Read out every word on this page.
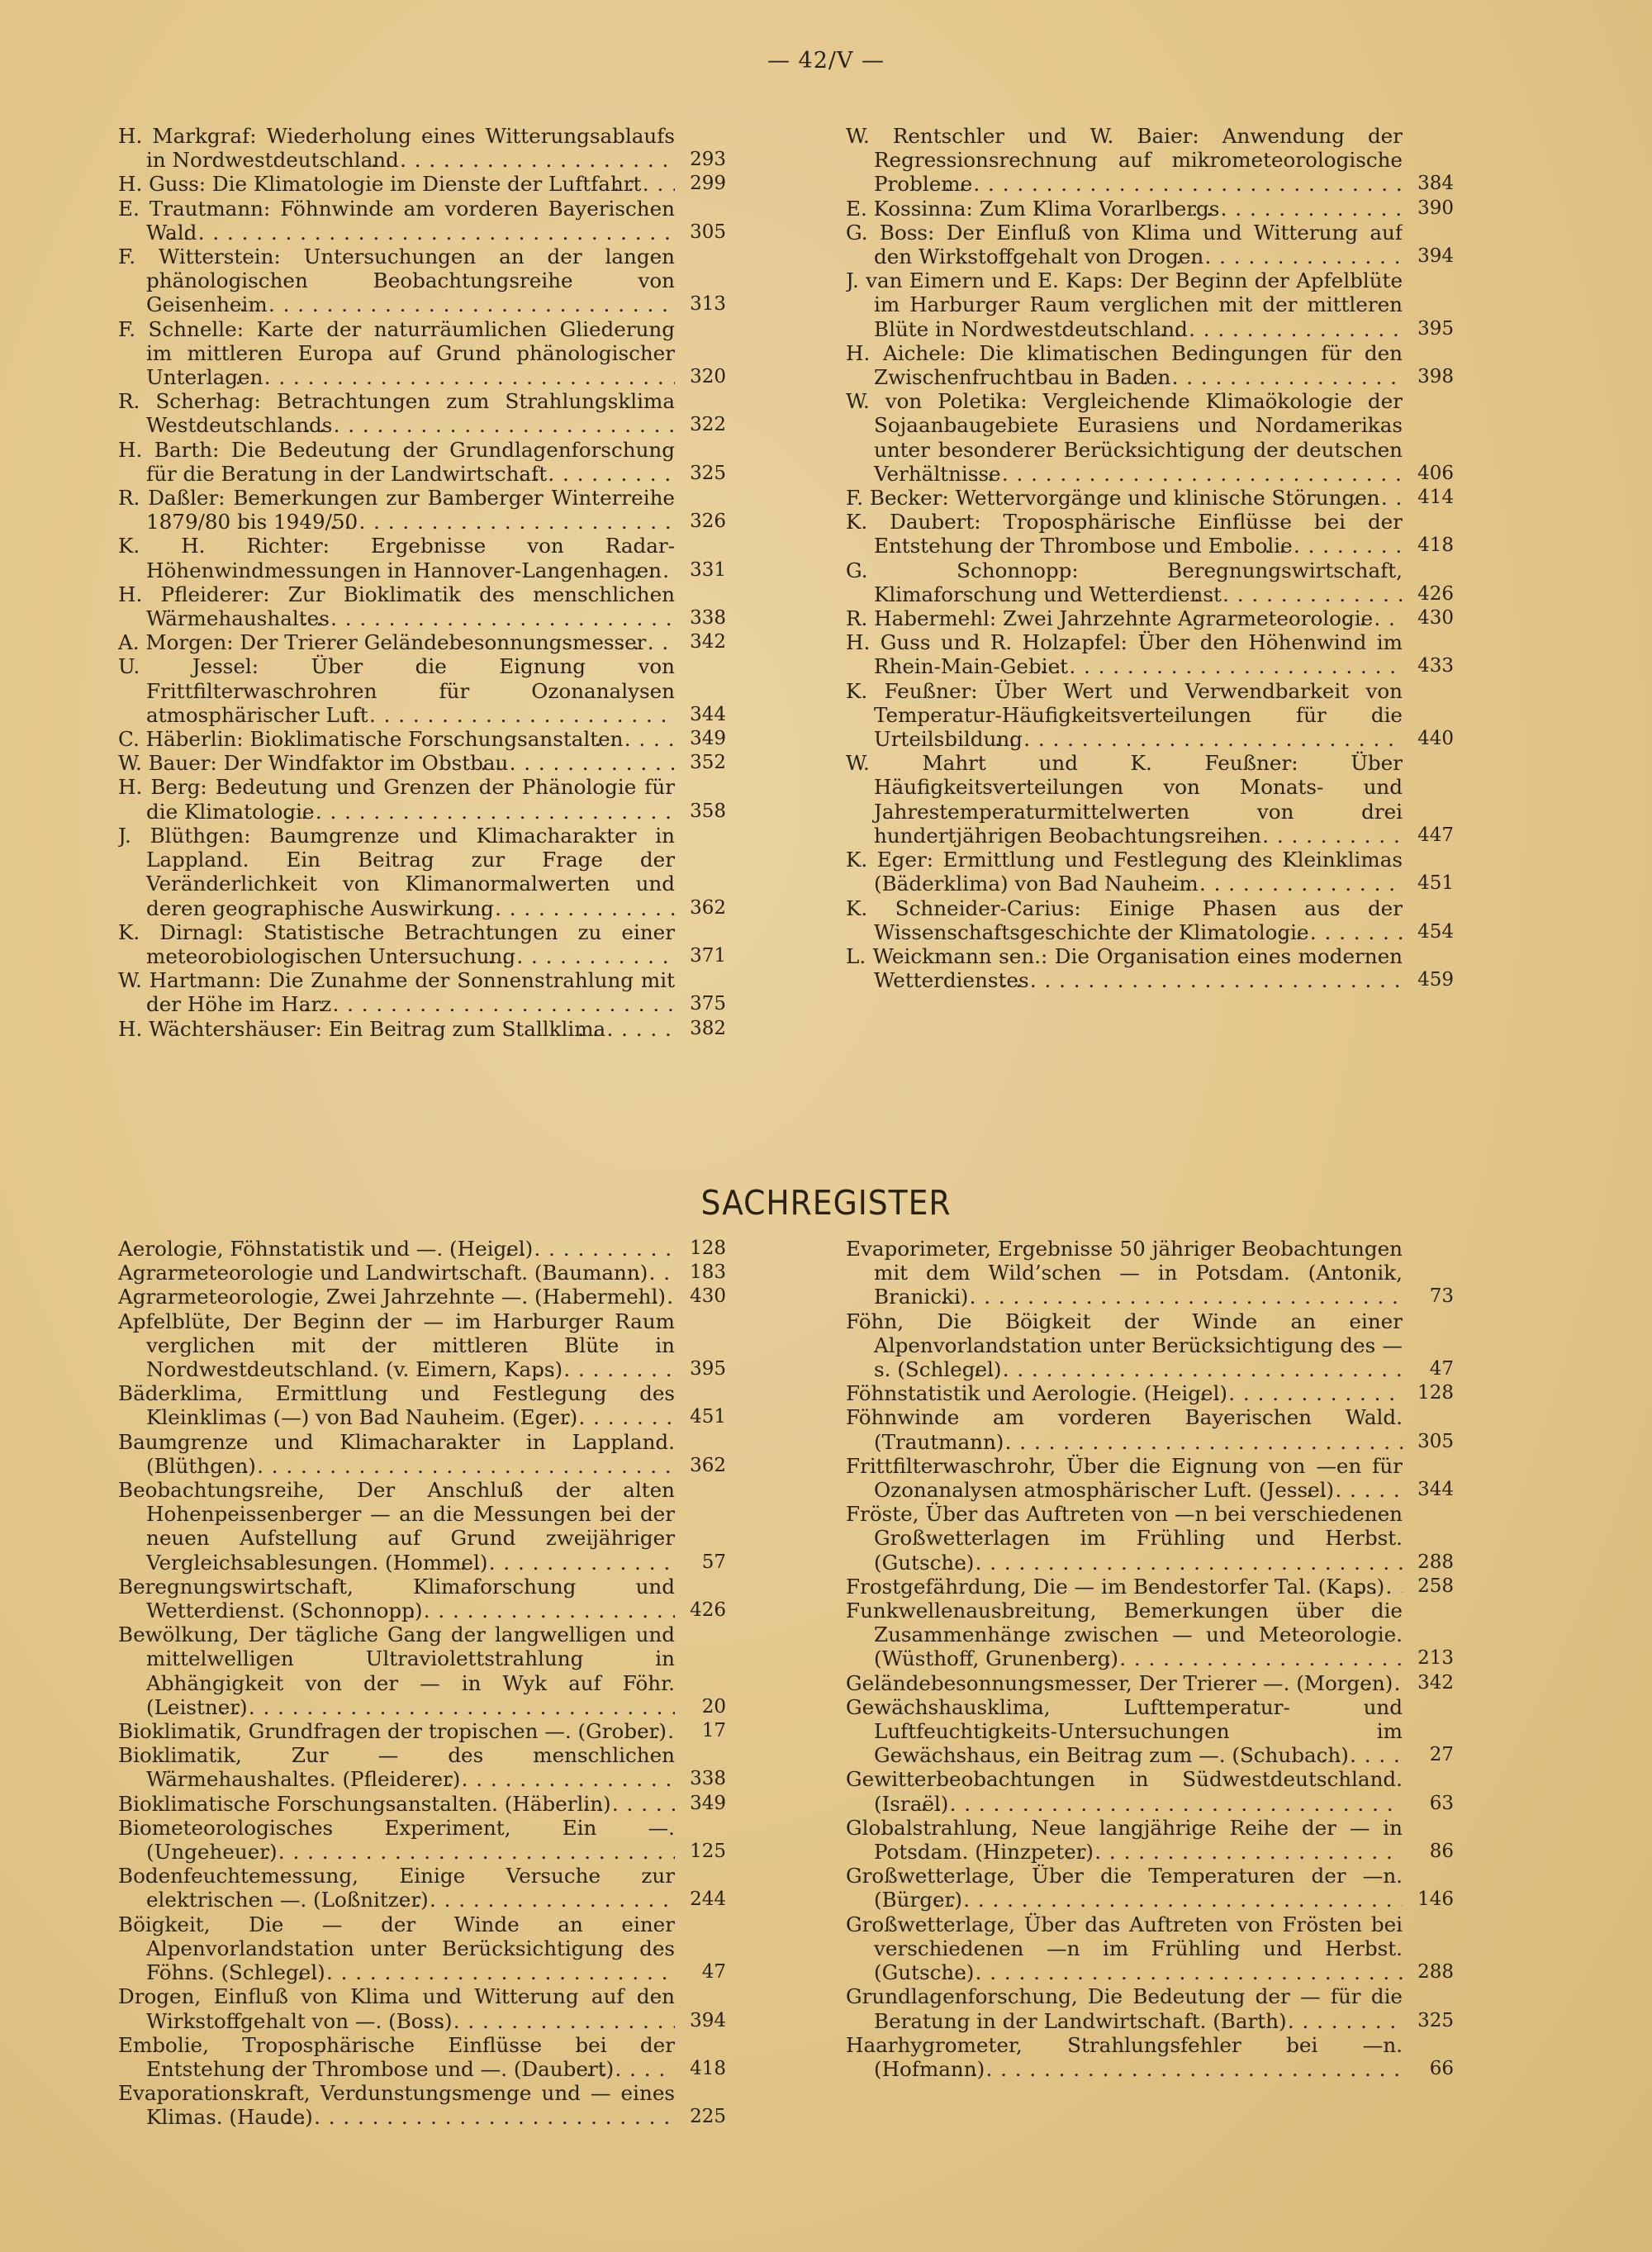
— 42/V —
H. Markgraf: Wiederholung eines Witterungsablaufs in Nordwestdeutschland . . .	293
H. Guss: Die Klimatologie im Dienste der Luftfahrt . . .	299
E. Trautmann: Föhnwinde am vorderen Bayerischen Wald . . .	305
F. Witterstein: Untersuchungen an der langen phänologischen Beobachtungsreihe von Geisenheim . . .	313
F. Schnelle: Karte der naturräumlichen Gliederung im mittleren Europa auf Grund phänologischer Unterlagen . . .	320
R. Scherhag: Betrachtungen zum Strahlungsklima Westdeutschlands . . .	322
H. Barth: Die Bedeutung der Grundlagenforschung für die Beratung in der Landwirtschaft . . .	325
R. Daßler: Bemerkungen zur Bamberger Winterreihe 1879/80 bis 1949/50 . . .	326
K. H. Richter: Ergebnisse von Radar-Höhenwindmessungen in Hannover-Langenhagen . . .	331
H. Pfleiderer: Zur Bioklimatik des menschlichen Wärmehaushaltes . . .	338
A. Morgen: Der Trierer Geländebesonnungsmesser . . .	342
U. Jessel: Über die Eignung von Frittfilterwaschrohren für Ozonanalysen atmosphärischer Luft . . .	344
C. Häberlin: Bioklimatische Forschungsanstalten . . .	349
W. Bauer: Der Windfaktor im Obstbau . . .	352
H. Berg: Bedeutung und Grenzen der Phänologie für die Klimatologie . . .	358
J. Blüthgen: Baumgrenze und Klimacharakter in Lappland. Ein Beitrag zur Frage der Veränderlichkeit von Klimanormalwerten und deren geographische Auswirkung . . .	362
K. Dirnagl: Statistische Betrachtungen zu einer meteorobiologischen Untersuchung . . .	371
W. Hartmann: Die Zunahme der Sonnenstrahlung mit der Höhe im Harz . . .	375
H. Wächtershäuser: Ein Beitrag zum Stallklima . . .	382
W. Rentschler und W. Baier: Anwendung der Regressionsrechnung auf mikrometeorologische Probleme . . .	384
E. Kossinna: Zum Klima Vorarlbergs . . .	390
G. Boss: Der Einfluß von Klima und Witterung auf den Wirkstoffgehalt von Drogen . . .	394
J. van Eimern und E. Kaps: Der Beginn der Apfelblüte im Harburger Raum verglichen mit der mittleren Blüte in Nordwestdeutschland . . .	395
H. Aichele: Die klimatischen Bedingungen für den Zwischenfruchtbau in Baden . . .	398
W. von Poletika: Vergleichende Klimaökologie der Sojaanbaugebiete Eurasiens und Nordamerikas unter besonderer Berücksichtigung der deutschen Verhältnisse . . .	406
F. Becker: Wettervorgänge und klinische Störungen . . .	414
K. Daubert: Troposphärische Einflüsse bei der Entstehung der Thrombose und Embolie . . .	418
G. Schonnopp: Beregnungswirtschaft, Klimaforschung und Wetterdienst . . .	426
R. Habermehl: Zwei Jahrzehnte Agrarmeteorologie . . .	430
H. Guss und R. Holzapfel: Über den Höhenwind im Rhein-Main-Gebiet . . .	433
K. Feußner: Über Wert und Verwendbarkeit von Temperatur-Häufigkeitsverteilungen für die Urteilsbildung . . .	440
W. Mahrt und K. Feußner: Über Häufigkeitsverteilungen von Monats- und Jahrestemperaturmittelwerten von drei hundertjährigen Beobachtungsreihen . . .	447
K. Eger: Ermittlung und Festlegung des Kleinklimas (Bäderklima) von Bad Nauheim . . .	451
K. Schneider-Carius: Einige Phasen aus der Wissenschaftsgeschichte der Klimatologie . . .	454
L. Weickmann sen.: Die Organisation eines modernen Wetterdienstes . . .	459
SACHREGISTER
Aerologie, Föhnstatistik und —. (Heigel) . . .	128
Agrarmeteorologie und Landwirtschaft. (Baumann) . . .	183
Agrarmeteorologie, Zwei Jahrzehnte —. (Habermehl) . . .	430
Apfelblüte, Der Beginn der — im Harburger Raum verglichen mit der mittleren Blüte in Nordwestdeutschland. (v. Eimern, Kaps) . . .	395
Bäderklima, Ermittlung und Festlegung des Kleinklimas (—) von Bad Nauheim. (Eger) . . .	451
Baumgrenze und Klimacharakter in Lappland. (Blüthgen) . . .	362
Beobachtungsreihe, Der Anschluß der alten Hohenpeissenberger — an die Messungen bei der neuen Aufstellung auf Grund zweijähriger Vergleichsablesungen. (Hommel) . . .	57
Beregnungswirtschaft, Klimaforschung und Wetterdienst. (Schonnopp) . . .	426
Bewölkung, Der tägliche Gang der langwelligen und mittelwelligen Ultraviolettstrahlung in Abhängigkeit von der — in Wyk auf Föhr. (Leistner) . . .	20
Bioklimatik, Grundfragen der tropischen —. (Grober) . . .	17
Bioklimatik, Zur — des menschlichen Wärmehaushaltes. (Pfleiderer) . . .	338
Bioklimatische Forschungsanstalten. (Häberlin) . . .	349
Biometeorologisches Experiment, Ein —. (Ungeheuer) . . .	125
Bodenfeuchtemessung, Einige Versuche zur elektrischen —. (Loßnitzer) . . .	244
Böigkeit, Die — der Winde an einer Alpenvorlandstation unter Berücksichtigung des Föhns. (Schlegel) . . .	47
Drogen, Einfluß von Klima und Witterung auf den Wirkstoffgehalt von —. (Boss) . . .	394
Embolie, Troposphärische Einflüsse bei der Entstehung der Thrombose und —. (Daubert) . . .	418
Evaporationskraft, Verdunstungsmenge und — eines Klimas. (Haude) . . .	225
Evaporimeter, Ergebnisse 50 jähriger Beobachtungen mit dem Wild’schen — in Potsdam. (Antonik, Branicki) . . .	73
Föhn, Die Böigkeit der Winde an einer Alpenvorlandstation unter Berücksichtigung des —s. (Schlegel) . . .	47
Föhnstatistik und Aerologie. (Heigel) . . .	128
Föhnwinde am vorderen Bayerischen Wald. (Trautmann) . . .	305
Frittfilterwaschrohr, Über die Eignung von —en für Ozonanalysen atmosphärischer Luft. (Jessel) . . .	344
Fröste, Über das Auftreten von —n bei verschiedenen Großwetterlagen im Frühling und Herbst. (Gutsche) . . .	288
Frostgefährdung, Die — im Bendestorfer Tal. (Kaps) . . .	258
Funkwellenausbreitung, Bemerkungen über die Zusammenhänge zwischen — und Meteorologie. (Wüsthoff, Grunenberg) . . .	213
Geländebesonnungsmesser, Der Trierer —. (Morgen) . . .	342
Gewächshausklima, Lufttemperatur- und Luftfeuchtigkeits-Untersuchungen im Gewächshaus, ein Beitrag zum —. (Schubach) . . .	27
Gewitterbeobachtungen in Südwestdeutschland. (Israël) . . .	63
Globalstrahlung, Neue langjährige Reihe der — in Potsdam. (Hinzpeter) . . .	86
Großwetterlage, Über die Temperaturen der —n. (Bürger) . . .	146
Großwetterlage, Über das Auftreten von Frösten bei verschiedenen —n im Frühling und Herbst. (Gutsche) . . .	288
Grundlagenforschung, Die Bedeutung der — für die Beratung in der Landwirtschaft. (Barth) . . .	325
Haarhygrometer, Strahlungsfehler bei —n. (Hofmann) . . .	66
